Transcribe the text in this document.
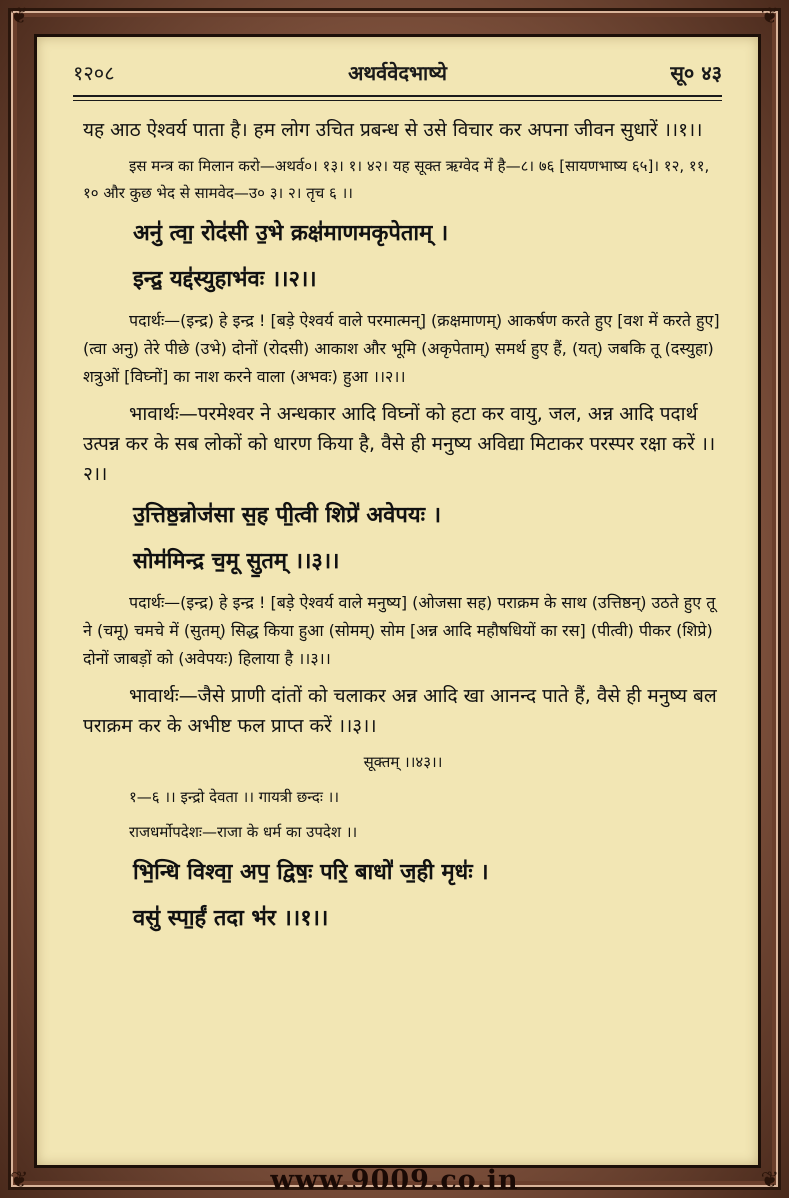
❦	❦
❦	❦
१२०८	अथर्ववेदभाष्ये	सू० ४३

यह आठ ऐश्वर्य पाता है। हम लोग उचित प्रबन्ध से उसे विचार कर अपना जीवन सुधारें ।।१।।

इस मन्त्र का मिलान करो—अथर्व०। १३। १। ४२। यह सूक्त ऋग्वेद में है—८। ७६ [सायणभाष्य ६५]। १२, ११, १० और कुछ भेद से सामवेद—उ० ३। २। तृच ६ ।।

अनु॑ त्वा॒ रोद॑सी उ॒भे क्रक्ष॑माणमकृपेताम् ।
इन्द्र॒ यद्द॑स्युहाभ॑वः ।।२।।

पदार्थः—(इन्द्र) हे इन्द्र ! [बड़े ऐश्वर्य वाले परमात्मन्] (क्रक्षमाणम्) आकर्षण करते हुए [वश में करते हुए] (त्वा अनु) तेरे पीछे (उभे) दोनों (रोदसी) आकाश और भूमि (अकृपेताम्) समर्थ हुए हैं, (यत्) जबकि तू (दस्युहा) शत्रुओं [विघ्नों] का नाश करने वाला (अभवः) हुआ ।।२।।

भावार्थः—परमेश्वर ने अन्धकार आदि विघ्नों को हटा कर वायु, जल, अन्न आदि पदार्थ उत्पन्न कर के सब लोकों को धारण किया है, वैसे ही मनुष्य अविद्या मिटाकर परस्पर रक्षा करें ।।२।।

उ॒त्तिष्ठ॒न्नोज॑सा स॒ह पी॒त्वी शिप्रे॑ अवेपयः ।
सोम॑मिन्द्र च॒मू सु॒तम् ।।३।।

पदार्थः—(इन्द्र) हे इन्द्र ! [बड़े ऐश्वर्य वाले मनुष्य] (ओजसा सह) पराक्रम के साथ (उत्तिष्ठन्) उठते हुए तू ने (चमू) चमचे में (सुतम्) सिद्ध किया हुआ (सोमम्) सोम [अन्न आदि महौषधियों का रस] (पीत्वी) पीकर (शिप्रे) दोनों जाबड़ों को (अवेपयः) हिलाया है ।।३।।

भावार्थः—जैसे प्राणी दांतों को चलाकर अन्न आदि खा आनन्द पाते हैं, वैसे ही मनुष्य बल पराक्रम कर के अभीष्ट फल प्राप्त करें ।।३।।

सूक्तम् ।।४३।।

१—६ ।। इन्द्रो देवता ।। गायत्री छन्दः ।।

राजधर्मोपदेशः—राजा के धर्म का उपदेश ।।

भि॒न्धि विश्वा॒ अप॒ द्विषः॒ परि॒ बाधो॑ ज॒ही मृधः॑ ।
वसु॑ स्पा॒र्हं तदा भ॑र ।।१।।
www.9009.co.in
